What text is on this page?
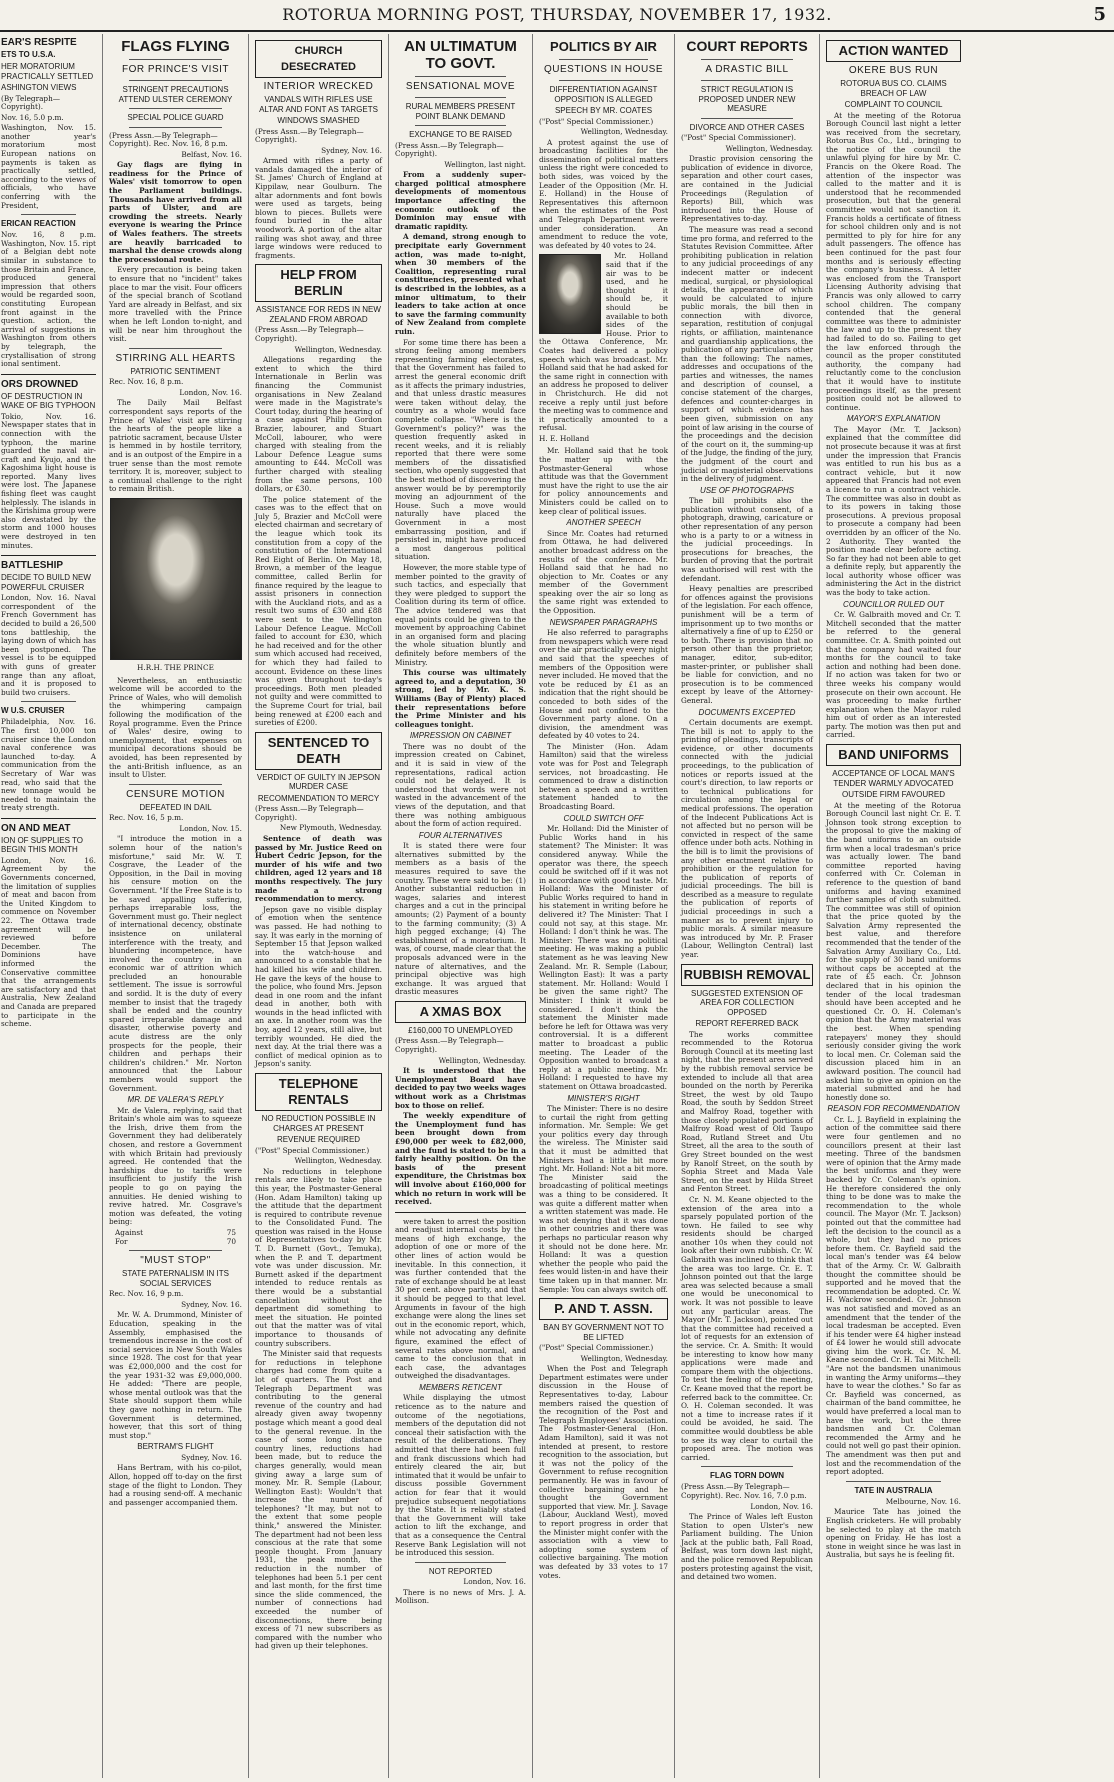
ROTORUA MORNING POST, THURSDAY, NOVEMBER 17, 1932.	5
EAR'S RESPITE
ETS TO U.S.A.
HER MORATORIUM PRACTICALLY SETTLED
ASHINGTON VIEWS
(By Telegraph—Copyright).
Nov. 16, 5.0 p.m.

Washington, Nov. 15. another year's moratorium most European nations on payments is taken as practically settled, according to the views of officials, who have conferring with the President,

ERICAN REACTION

Nov. 16, 8 p.m. Washington, Nov. 15. ript of a Belgian debt note similar in substance to those Britain and France, produced general impression that others would be regarded soon, constituting European front against in the question. action, the arrival of suggestions in Washington from others by telegraph, the crystallisation of strong ional sentiment.

ORS DROWNED
OF DESTRUCTION IN WAKE OF BIG TYPHOON

Tokio, Nov. 16. Newspaper states that in connection with the typhoon, the marine guarded the naval air-craft and Kyujo, and the Kagoshima light house is reported. Many lives were lost. The Japanese fishing fleet was caught helplessly. The islands in the Kirishima group were also devastated by the storm and 1000 houses were destroyed in ten minutes.

BATTLESHIP
DECIDE TO BUILD NEW POWERFUL CRUISER

London, Nov. 16. Naval correspondent of the French Government has decided to build a 26,500 tons battleship, the laying down of which has been postponed. The vessel is to be equipped with guns of greater range than any afloat, and it is proposed to build two cruisers.

W U.S. CRUISER

Philadelphia, Nov. 16. The first 10,000 ton cruiser since the London naval conference was launched to-day. A communication from the Secretary of War was read, who said that the new tonnage would be needed to maintain the treaty strength.

ON AND MEAT
ION OF SUPPLIES TO BEGIN THIS MONTH

London, Nov. 16. Agreement by the Governments concerned, the limitation of supplies of meat and bacon from the United Kingdom to commence on November 22. The Ottawa trade agreement will be reviewed before December. The Dominions have informed the Conservative committee that the arrangements are satisfactory and that Australia, New Zealand and Canada are prepared to participate in the scheme.

FLAGS FLYING
FOR PRINCE'S VISIT
STRINGENT PRECAUTIONS ATTEND ULSTER CEREMONY
SPECIAL POLICE GUARD
(Press Assn.—By Telegraph—Copyright). Rec. Nov. 16, 8 p.m.
Belfast, Nov. 16.

Gay flags are flying in readiness for the Prince of Wales' visit tomorrow to open the Parliament buildings. Thousands have arrived from all parts of Ulster, and are crowding the streets. Nearly everyone is wearing the Prince of Wales feathers. The streets are heavily barricaded to marshal the dense crowds along the processional route.

Every precaution is being taken to ensure that no "incident" takes place to mar the visit. Four officers of the special branch of Scotland Yard are already in Belfast, and six more travelled with the Prince when he left London to-night, and will be near him throughout the visit.

STIRRING ALL HEARTS
PATRIOTIC SENTIMENT
Rec. Nov. 16, 8 p.m.
London, Nov. 16.

The Daily Mail Belfast correspondent says reports of the Prince of Wales' visit are stirring the hearts of the people like a patriotic sacrament, because Ulster is hemmed in by hostile territory, and is an outpost of the Empire in a truer sense than the most remote territory. It is, moreover, subject to a continual challenge to the right to remain British.

H.R.H. THE PRINCE

Nevertheless, an enthusiastic welcome will be accorded to the Prince of Wales, who will demolish the whimpering campaign following the modification of the Royal programme. Even the Prince of Wales' desire, owing to unemployment, that expenses on municipal decorations should be avoided, has been represented by the anti-British influence, as an insult to Ulster.

CENSURE MOTION
DEFEATED IN DAIL
Rec. Nov. 16, 5 p.m.
London, Nov. 15.

"I introduce the motion in a solemn hour of the nation's misfortune," said Mr. W. T. Cosgrave, the Leader of the Opposition, in the Dail in moving his censure motion on the Government. "If the Free State is to be saved appalling suffering, perhaps irreparable loss, the Government must go. Their neglect of international decency, obstinate insistence on unilateral interference with the treaty, and blundering incompetence, have involved the country in an economic war of attrition which precluded an honourable settlement. The issue is sorrowful and sordid. It is the duty of every member to insist that the tragedy shall be ended and the country spared irreparable damage and disaster, otherwise poverty and acute distress are the only prospects for the people, their children and perhaps their children's children." Mr. Norton announced that the Labour members would support the Government.

MR. DE VALERA'S REPLY

Mr. de Valera, replying, said that Britain's whole aim was to squeeze the Irish, drive them from the Government they had deliberately chosen, and restore a Government with which Britain had previously agreed. He contended that the hardships due to tariffs were insufficient to justify the Irish people to go on paying the annuities. He denied wishing to revive hatred. Mr. Cosgrave's motion was defeated, the voting being:

Against	75
For	70
"MUST STOP"
STATE PATERNALISM IN ITS SOCIAL SERVICES
Rec. Nov. 16, 9 p.m.
Sydney, Nov. 16.

Mr. W. A. Drummond, Minister of Education, speaking in the Assembly, emphasised the tremendous increase in the cost of social services in New South Wales since 1928. The cost for that year was £2,000,000 and the cost for the year 1931-32 was £9,000,000. He added: "There are people, whose mental outlook was that the State should support them while they gave nothing in return. The Government is determined, however, that this sort of thing must stop."

BERTRAM'S FLIGHT
Sydney, Nov. 16.

Hans Bertram, with his co-pilot, Allon, hopped off to-day on the first stage of the flight to London. They had a rousing send-off. A mechanic and passenger accompanied them.

CHURCH DESECRATED
INTERIOR WRECKED
VANDALS WITH RIFLES USE ALTAR AND FONT AS TARGETS
WINDOWS SMASHED
(Press Assn.—By Telegraph—Copyright).
Sydney, Nov. 16.

Armed with rifles a party of vandals damaged the interior of St. James' Church of England at Kippilaw, near Goulburn. The altar adornments and font bowls were used as targets, being blown to pieces. Bullets were found buried in the altar woodwork. A portion of the altar railing was shot away, and three large windows were reduced to fragments.

HELP FROM BERLIN
ASSISTANCE FOR REDS IN NEW ZEALAND FROM ABROAD
(Press Assn.—By Telegraph—Copyright).
Wellington, Wednesday.

Allegations regarding the extent to which the third Internationale in Berlin was financing the Communist organisations in New Zealand were made in the Magistrate's Court today, during the hearing of a case against Philip Gordon Brazier, labourer, and Stuart McColl, labourer, who were charged with stealing from the Labour Defence League sums amounting to £44. McColl was further charged with stealing from the same persons, 100 dollars, or £30.

The police statement of the cases was to the effect that on July 5, Brazier and McColl were elected chairman and secretary of the league which took its constitution from a copy of the constitution of the International Red Eight of Berlin. On May 18, Brown, a member of the league committee, called Berlin for finance required by the league to assist prisoners in connection with the Auckland riots, and as a result two sums of £30 and £88 were sent to the Wellington Labour Defence League. McColl failed to account for £30, which he had received and for the other sum which accused had received, for which they had failed to account. Evidence on these lines was given throughout to-day's proceedings. Both men pleaded not guilty and were committed to the Supreme Court for trial, bail being renewed at £200 each and sureties of £200.

SENTENCED TO DEATH
VERDICT OF GUILTY IN JEPSON MURDER CASE
RECOMMENDATION TO MERCY
(Press Assn.—By Telegraph—Copyright).
New Plymouth, Wednesday.

Sentence of death was passed by Mr. Justice Reed on Hubert Cedric Jepson, for the murder of his wife and two children, aged 12 years and 18 months respectively. The jury made a strong recommendation to mercy.

Jepson gave no visible display of emotion when the sentence was passed. He had nothing to say. It was early in the morning of September 15 that Jepson walked into the watch-house and announced to a constable that he had killed his wife and children. He gave the keys of the house to the police, who found Mrs. Jepson dead in one room and the infant dead in another, both with wounds in the head inflicted with an axe. In another room was the boy, aged 12 years, still alive, but terribly wounded. He died the next day. At the trial there was a conflict of medical opinion as to Jepson's sanity.

TELEPHONE RENTALS
NO REDUCTION POSSIBLE IN CHARGES AT PRESENT
REVENUE REQUIRED
("Post" Special Commissioner.)
Wellington, Wednesday.

No reductions in telephone rentals are likely to take place this year, the Postmaster-General (Hon. Adam Hamilton) taking up the attitude that the department is required to contribute revenue to the Consolidated Fund. The question was raised in the House of Representatives to-day by Mr. T. D. Burnett (Govt., Temuka), when the P. and T. department vote was under discussion. Mr. Burnett asked if the department intended to reduce rentals as there would be a substantial cancellation without the department did something to meet the situation. He pointed out that the matter was of vital importance to thousands of country subscribers.

The Minister said that requests for reductions in telephone charges had come from quite a lot of quarters. The Post and Telegraph Department was contributing to the general revenue of the country and had already given away twopenny postage which meant a good deal to the general revenue. In the case of some long distance country lines, reductions had been made, but to reduce the charges generally, would mean giving away a large sum of money. Mr. R. Semple (Labour, Wellington East): Wouldn't that increase the number of telephones? "It may, but not to the extent that some people think," answered the Minister. The department had not been less conscious at the rate that some people thought. From January 1931, the peak month, the reduction in the number of telephones had been 5.1 per cent and last month, for the first time since the slide commenced, the number of connections had exceeded the number of disconnections, there being excess of 71 new subscribers as compared with the number who had given up their telephones.

AN ULTIMATUM TO GOVT.
SENSATIONAL MOVE
RURAL MEMBERS PRESENT POINT BLANK DEMAND
EXCHANGE TO BE RAISED
(Press Assn.—By Telegraph—Copyright).
Wellington, last night.

From a suddenly super-charged political atmosphere developments of momentous importance affecting the economic outlook of the Dominion may ensue with dramatic rapidity.

A demand, strong enough to precipitate early Government action, was made to-night, when 30 members of the Coalition, representing rural constituencies, presented what is described in the lobbies, as a minor ultimatum, to their leaders to take action at once to save the farming community of New Zealand from complete ruin.

For some time there has been a strong feeling among members representing farming electorates, that the Government has failed to arrest the general economic drift as it affects the primary industries, and that unless drastic measures were taken without delay, the country as a whole would face complete collapse. "Where is the Government's policy?" was the question frequently asked in recent weeks, and it is reliably reported that there were some members of the dissatisfied section, who openly suggested that the best method of discovering the answer would be by peremptorily moving an adjournment of the House. Such a move would naturally have placed the Government in a most embarrassing position, and if persisted in, might have produced a most dangerous political situation.

However, the more stable type of member pointed to the gravity of such tactics, and especially that they were pledged to support the Coalition during its term of office. The advice tendered was that equal points could be given to the movement by approaching Cabinet in an organised form and placing the whole situation bluntly and definitely before members of the Ministry.

This course was ultimately agreed to, and a deputation, 30 strong, led by Mr. K. S. Williams (Bay of Plenty) placed their representations before the Prime Minister and his colleagues tonight.

IMPRESSION ON CABINET

There was no doubt of the impression created on Cabinet, and it is said in view of the representations, radical action could not be delayed. It is understood that words were not wasted in the advancement of the views of the deputation, and that there was nothing ambiguous about the form of action required.

FOUR ALTERNATIVES

It is stated there were four alternatives submitted by the members as a basis of the measures required to save the country. These were said to be: (1) Another substantial reduction in wages, salaries and interest charges and a cut in the principal amounts; (2) Payment of a bounty to the farming community; (3) A high pegged exchange; (4) The establishment of a moratorium. It was, of course, made clear that the proposals advanced were in the nature of alternatives, and the principal objective was high exchange. It was argued that drastic measures

A XMAS BOX
£160,000 TO UNEMPLOYED
(Press Assn.—By Telegraph—Copyright).
Wellington, Wednesday.

It is understood that the Unemployment Board have decided to pay two weeks wages without work as a Christmas box to those on relief.

The weekly expenditure of the Unemployment fund has been brought down from £90,000 per week to £82,000, and the fund is stated to be in a fairly healthy position. On the basis of the present expenditure, the Christmas box will involve about £160,000 for which no return in work will be received.

were taken to arrest the position and readjust internal costs by the means of high exchange, the adoption of one or more of the other lines of action would be inevitable. In this connection, it was further contended that the rate of exchange should be at least 30 per cent. above parity, and that it should be pegged to that level. Arguments in favour of the high exchange were along the lines set out in the economic report, which, while not advocating any definite figure, examined the effect of several rates above normal, and came to the conclusion that in each case, the advantages outweighed the disadvantages.

MEMBERS RETICENT

While displaying the utmost reticence as to the nature and outcome of the negotiations, members of the deputation did not conceal their satisfaction with the result of the deliberations. They admitted that there had been full and frank discussions which had entirely cleared the air, but intimated that it would be unfair to discuss possible Government action for fear that it would prejudice subsequent negotiations by the State. It is reliably stated that the Government will take action to lift the exchange, and that as a consequence the Central Reserve Bank Legislation will not be introduced this session.

NOT REPORTED
London, Nov. 16.

There is no news of Mrs. J. A. Mollison.

POLITICS BY AIR
QUESTIONS IN HOUSE
DIFFERENTIATION AGAINST OPPOSITION IS ALLEGED
SPEECH BY MR. COATES
("Post" Special Commissioner.)
Wellington, Wednesday.

A protest against the use of broadcasting facilities for the dissemination of political matters unless the right were conceded to both sides, was voiced by the Leader of the Opposition (Mr. H. E. Holland) in the House of Representatives this afternoon when the estimates of the Post and Telegraph Department were under consideration. An amendment to reduce the vote, was defeated by 40 votes to 24.

Mr. Holland said that if the air was to be used, and he thought it should be, it should be available to both sides of the House. Prior to the Ottawa Conference, Mr. Coates had delivered a policy speech which was broadcast. Mr. Holland said that he had asked for the same right in connection with an address he proposed to deliver in Christchurch. He did not receive a reply until just before the meeting was to commence and it practically amounted to a refusal.

H. E. Holland

Mr. Holland said that he took the matter up with the Postmaster-General whose attitude was that the Government must have the right to use the air for policy announcements and Ministers could be called on to keep clear of political issues.

ANOTHER SPEECH

Since Mr. Coates had returned from Ottawa, he had delivered another broadcast address on the results of the conference. Mr. Holland said that he had no objection to Mr. Coates or any member of the Government speaking over the air so long as the same right was extended to the Opposition.

NEWSPAPER PARAGRAPHS

He also referred to paragraphs from newspapers which were read over the air practically every night and said that the speeches of members of the Opposition were never included. He moved that the vote be reduced by £1 as an indication that the right should be conceded to both sides of the House and not confined to the Government party alone. On a division, the amendment was defeated by 40 votes to 24.

The Minister (Hon. Adam Hamilton) said that the wireless vote was for Post and Telegraph services, not broadcasting. He commenced to draw a distinction between a speech and a written statement handed to the Broadcasting Board.

COULD SWITCH OFF

Mr. Holland: Did the Minister of Public Works hand in his statement? The Minister: It was considered anyway. While the operator was there, the speech could be switched off if it was not in accordance with good taste. Mr. Holland: Was the Minister of Public Works required to hand in his statement in writing before he delivered it? The Minister: That I could not say, at this stage. Mr. Holland: I don't think he was. The Minister: There was no political meeting. He was making a public statement as he was leaving New Zealand. Mr. R. Semple (Labour, Wellington East): It was a party statement. Mr. Holland: Would I be given the same right? The Minister: I think it would be considered. I don't think the statement the Minister made before he left for Ottawa was very controversial. It is a different matter to broadcast a public meeting. The Leader of the Opposition wanted to broadcast a reply at a public meeting. Mr. Holland: I requested to have my statement on Ottawa broadcasted.

MINISTER'S RIGHT

The Minister: There is no desire to curtail the right from getting information. Mr. Semple: We get your politics every day through the wireless. The Minister said that it must be admitted that Ministers had a little bit more right. Mr. Holland: Not a bit more. The Minister said the broadcasting of political meetings was a thing to be considered. It was quite a different matter when a written statement was made. He was not denying that it was done in other countries and there was perhaps no particular reason why it should not be done here. Mr. Holland: It was a question whether the people who paid the fees would listen-in and have their time taken up in that manner. Mr. Semple: You can always switch off.

P. AND T. ASSN.
BAN BY GOVERNMENT NOT TO BE LIFTED
("Post" Special Commissioner.)
Wellington, Wednesday.

When the Post and Telegraph Department estimates were under discussion in the House of Representatives to-day, Labour members raised the question of the recognition of the Post and Telegraph Employees' Association. The Postmaster-General (Hon. Adam Hamilton), said it was not intended at present, to restore recognition to the association, but it was not the policy of the Government to refuse recognition permanently. He was in favour of collective bargaining and he thought the Government supported that view. Mr. J. Savage (Labour, Auckland West), moved to report progress in order that the Minister might confer with the association with a view to adopting some system of collective bargaining. The motion was defeated by 33 votes to 17 votes.

COURT REPORTS
A DRASTIC BILL
STRICT REGULATION IS PROPOSED UNDER NEW MEASURE
DIVORCE AND OTHER CASES
("Post" Special Commissioner).
Wellington, Wednesday.

Drastic provision censoring the publication of evidence in divorce, separation and other court cases, are contained in the Judicial Proceedings (Regulation of Reports) Bill, which was introduced into the House of Representatives to-day.

The measure was read a second time pro forma, and referred to the Statutes Revision Committee. After prohibiting publication in relation to any judicial proceedings of any indecent matter or indecent medical, surgical, or physiological details, the appearance of which would be calculated to injure public morals, the bill then in connection with divorce, separation, restitution of conjugal rights, or affiliation, maintenance and guardianship applications, the publication of any particulars other than the following: The names, addresses and occupations of the parties and witnesses, the names and description of counsel, a concise statement of the charges, defences and counter-charges in support of which evidence has been given, submission on any point of law arising in the course of the proceedings and the decision of the court on it, the summing-up of the Judge, the finding of the jury, the judgment of the court and judicial or magisterial observations in the delivery of judgment.

USE OF PHOTOGRAPHS

The bill prohibits also the publication without consent, of a photograph, drawing, caricature or other representation of any person who is a party to or a witness in the judicial proceedings. In prosecutions for breaches, the burden of proving that the portrait was authorised will rest with the defendant.

Heavy penalties are prescribed for offences against the provisions of the legislation. For each offence, punishment will be a term of imprisonment up to two months or alternatively a fine of up to £250 or to both. There is provision that no person other than the proprietor, manager, editor, sub-editor, master-printer, or publisher shall be liable for conviction, and no prosecution is to be commenced except by leave of the Attorney-General.

DOCUMENTS EXCEPTED

Certain documents are exempt. The bill is not to apply to the printing of pleadings, transcripts of evidence, or other documents connected with the judicial proceedings, to the publication of notices or reports issued at the court's direction, to law reports or to technical publications for circulation among the legal or medical professions. The operation of the Indecent Publications Act is not affected but no person will be convicted in respect of the same offence under both acts. Nothing in the bill is to limit the provisions of any other enactment relative to prohibition or the regulation for the publication of reports of judicial proceedings. The bill is described as a measure to regulate the publication of reports of judicial proceedings in such a manner as to prevent injury to public morals. A similar measure was introduced by Mr. P. Fraser (Labour, Wellington Central) last year.

RUBBISH REMOVAL
SUGGESTED EXTENSION OF AREA FOR COLLECTION OPPOSED
REPORT REFERRED BACK

The works committee recommended to the Rotorua Borough Council at its meeting last night, that the present area served by the rubbish removal service be extended to include all that area bounded on the north by Pererika Street, the west by old Taupo Road, the south by Seddon Street and Malfroy Road, together with those closely populated portions of Malfroy Road west of Old Taupo Road, Rutland Street and Utu Street, all the area to the south of Grey Street bounded on the west by Ranolf Street, on the south by Sophia Street and Mada Vale Street, on the east by Hilda Street and Fenton Street.

Cr. N. M. Keane objected to the extension of the area into a sparsely populated portion of the town. He failed to see why residents should be charged another 10s when they could not look after their own rubbish. Cr. W. Galbraith was inclined to think that the area was too large. Cr. E. T. Johnson pointed out that the large area was selected because a small one would be uneconomical to work. It was not possible to leave out any particular areas. The Mayor (Mr. T. Jackson), pointed out that the committee had received a lot of requests for an extension of the service. Cr. A. Smith: It would be interesting to know how many applications were made and compare them with the objections. To test the feeling of the meeting, Cr. Keane moved that the report be referred back to the committee. Cr. O. H. Coleman seconded. It was not a time to increase rates if it could be avoided, he said. The committee would doubtless be able to see its way clear to curtail the proposed area. The motion was carried.

FLAG TORN DOWN
(Press Assn.—By Telegraph—Copyright). Rec. Nov. 16, 7.0 p.m.
London, Nov. 16.

The Prince of Wales left Euston Station to open Ulster's new Parliament building. The Union Jack at the public bath, Fall Road, Belfast, was torn down last night, and the police removed Republican posters protesting against the visit, and detained two women.

ACTION WANTED
OKERE BUS RUN
ROTORUA BUS CO. CLAIMS BREACH OF LAW
COMPLAINT TO COUNCIL

At the meeting of the Rotorua Borough Council last night a letter was received from the secretary, Rotorua Bus Co., Ltd., bringing to the notice of the council the unlawful plying for hire by Mr. C. Francis on the Okere Road. The attention of the inspector was called to the matter and it is understood that he recommended prosecution, but that the general committee would not sanction it. Francis holds a certificate of fitness for school children only and is not permitted to ply for hire for any adult passengers. The offence has been continued for the past four months and is seriously effecting the company's business. A letter was enclosed from the Transport Licensing Authority advising that Francis was only allowed to carry school children. The company contended that the general committee was there to administer the law and up to the present they had failed to do so. Failing to get the law enforced through the council as the proper constituted authority, the company had reluctantly come to the conclusion that it would have to institute proceedings itself, as the present position could not be allowed to continue.

MAYOR'S EXPLANATION

The Mayor (Mr. T. Jackson) explained that the committee did not prosecute because it was at first under the impression that Francis was entitled to run his bus as a contract vehicle, but it now appeared that Francis had not even a licence to run a contract vehicle. The committee was also in doubt as to its powers in taking those prosecutions. A previous proposal to prosecute a company had been overridden by an officer of the No. 2 Authority. They wanted the position made clear before acting. So far they had not been able to get a definite reply, but apparently the local authority whose officer was administering the Act in the district was the body to take action.

COUNCILLOR RULED OUT

Cr. W. Galbraith moved and Cr. T. Mitchell seconded that the matter be referred to the general committee. Cr. A. Smith pointed out that the company had waited four months for the council to take action and nothing had been done. If no action was taken for two or three weeks his company would prosecute on their own account. He was proceeding to make further explanation when the Mayor ruled him out of order as an interested party. The motion was then put and carried.

BAND UNIFORMS
ACCEPTANCE OF LOCAL MAN'S TENDER WARMLY ADVOCATED
OUTSIDE FIRM FAVOURED

At the meeting of the Rotorua Borough Council last night Cr. E. T. Johnson took strong exception to the proposal to give the making of the band uniforms to an outside firm when a local tradesman's price was actually lower. The band committee reported having conferred with Cr. Coleman in reference to the question of band uniforms and having examined further samples of cloth submitted. The committee was still of opinion that the price quoted by the Salvation Army represented the best value, and therefore recommended that the tender of the Salvation Army Auxiliary Co., Ltd. for the supply of 30 band uniforms without caps be accepted at the rate of £5 each. Cr. Johnson declared that in his opinion the tender of the local tradesman should have been accepted and he questioned Cr. O. H. Coleman's opinion that the Army material was the best. When spending ratepayers' money they should seriously consider giving the work to local men. Cr. Coleman said the discussion placed him in an awkward position. The council had asked him to give an opinion on the material submitted and he had honestly done so.

REASON FOR RECOMMENDATION

Cr. L. J. Bayfield in explaining the action of the committee said there were four gentlemen and no councillors present at their last meeting. Three of the bandsmen were of opinion that the Army made the best uniforms and they were backed by Cr. Coleman's opinion. He therefore considered the only thing to be done was to make the recommendation to the whole council. The Mayor (Mr. T. Jackson) pointed out that the committee had left the decision to the council as a whole, but they had no prices before them. Cr. Bayfield said the local man's tender was £4 below that of the Army. Cr. W. Galbraith thought the committee should be supported and he moved that the recommendation be adopted. Cr. W. H. Wackrow seconded. Cr. Johnson was not satisfied and moved as an amendment that the tender of the local tradesman be accepted. Even if his tender were £4 higher instead of £4 lower he would still advocate giving him the work. Cr. N. M. Keane seconded. Cr. H. Tai Mitchell: "Are not the bandsmen unanimous in wanting the Army uniforms—they have to wear the clothes." So far as Cr. Bayfield was concerned, as chairman of the band committee, he would have preferred a local man to have the work, but the three bandsmen and Cr. Coleman recommended the Army and he could not well go past their opinion. The amendment was then put and lost and the recommendation of the report adopted.

TATE IN AUSTRALIA
Melbourne, Nov. 16.

Maurice Tate has joined the English cricketers. He will probably be selected to play at the match opening on Friday. He has lost a stone in weight since he was last in Australia, but says he is feeling fit.
